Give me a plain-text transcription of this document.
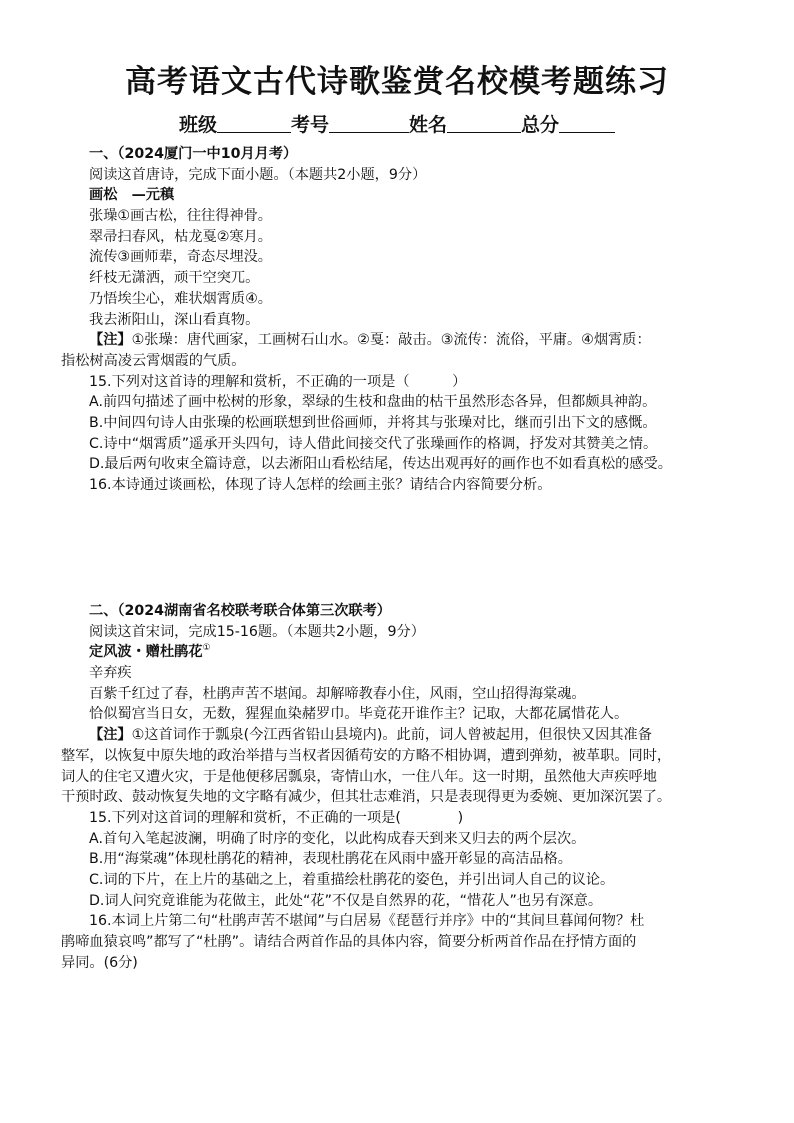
高考语文古代诗歌鉴赏名校模考题练习
班级	考号	姓名	总分
一、（2024厦门一中10月月考）
阅读这首唐诗，完成下面小题。（本题共2小题，9分）
画松　—元稹
张璪①画古松，往往得神骨。
翠帚扫春风，枯龙戛②寒月。
流传③画师辈，奇态尽埋没。
纤枝无潇洒，顽干空突兀。
乃悟埃尘心，难状烟霄质④。
我去淅阳山，深山看真物。
【注】①张璪：唐代画家，工画树石山水。②戛：敲击。③流传：流俗，平庸。④烟霄质：
指松树高凌云霄烟霞的气质。
15.下列对这首诗的理解和赏析，不正确的一项是（　　　）
A.前四句描述了画中松树的形象，翠绿的生枝和盘曲的枯干虽然形态各异，但都颇具神韵。
B.中间四句诗人由张璪的松画联想到世俗画师，并将其与张璪对比，继而引出下文的感慨。
C.诗中“烟霄质”遥承开头四句，诗人借此间接交代了张璪画作的格调，抒发对其赞美之情。
D.最后两句收束全篇诗意，以去淅阳山看松结尾，传达出观再好的画作也不如看真松的感受。
16.本诗通过谈画松，体现了诗人怎样的绘画主张？请结合内容简要分析。
二、（2024湖南省名校联考联合体第三次联考）
阅读这首宋词，完成15-16题。（本题共2小题，9分）
定风波・赠杜鹃花①
辛弃疾
百紫千红过了春，杜鹃声苦不堪闻。却解啼教春小住，风雨，空山招得海棠魂。
恰似蜀宫当日女，无数，猩猩血染赭罗巾。毕竟花开谁作主？记取，大都花属惜花人。
【注】①这首词作于瓢泉(今江西省铅山县境内)。此前，词人曾被起用，但很快又因其准备
整军，以恢复中原失地的政治举措与当权者因循苟安的方略不相协调，遭到弹劾，被革职。同时，
词人的住宅又遭火灾，于是他便移居瓢泉，寄情山水，一住八年。这一时期，虽然他大声疾呼地
干预时政、鼓动恢复失地的文字略有减少，但其壮志难消，只是表现得更为委婉、更加深沉罢了。
15.下列对这首词的理解和赏析，不正确的一项是(　　　　)
A.首句入笔起波澜，明确了时序的变化，以此构成春天到来又归去的两个层次。
B.用“海棠魂”体现杜鹃花的精神，表现杜鹃花在风雨中盛开彰显的高洁品格。
C.词的下片，在上片的基础之上，着重描绘杜鹃花的姿色，并引出词人自己的议论。
D.词人问究竟谁能为花做主，此处“花”不仅是自然界的花，“惜花人”也另有深意。
16.本词上片第二句“杜鹃声苦不堪闻”与白居易《琵琶行并序》中的“其间旦暮闻何物？杜
鹃啼血猿哀鸣”都写了“杜鹃”。请结合两首作品的具体内容，简要分析两首作品在抒情方面的
异同。(6分)
